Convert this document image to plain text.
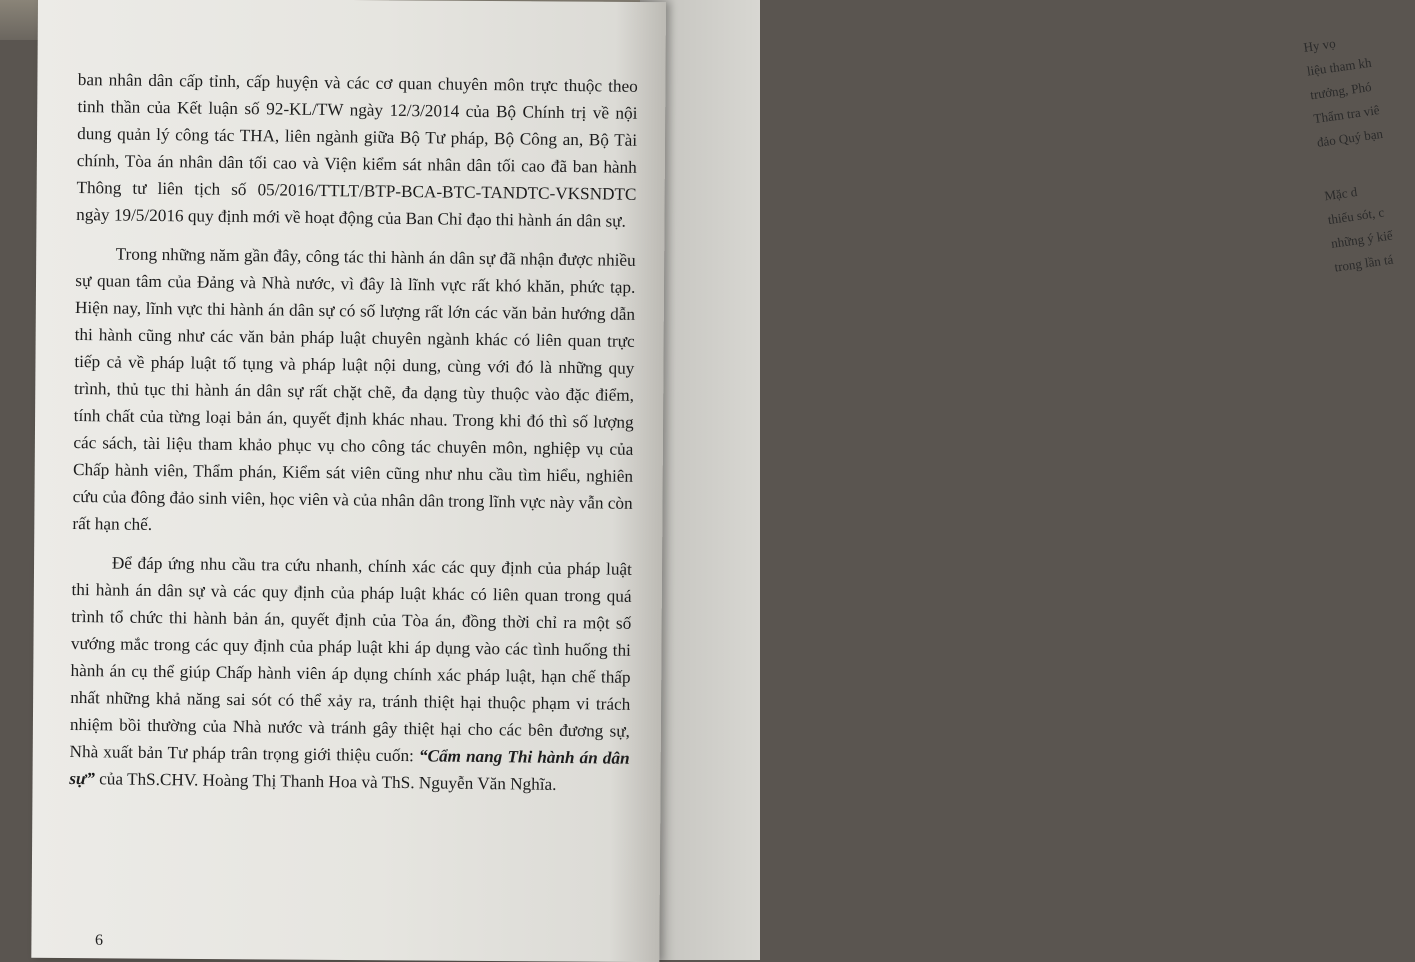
Hy vọ
liệu tham kh
trưởng, Phó
Thẩm tra viê
đảo Quý bạn
Mặc d
thiếu sót, c
những ý kiế
trong lần tá

ban nhân dân cấp tỉnh, cấp huyện và các cơ quan chuyên môn trực thuộc theo tinh thần của Kết luận số 92-KL/TW ngày 12/3/2014 của Bộ Chính trị về nội dung quản lý công tác THA, liên ngành giữa Bộ Tư pháp, Bộ Công an, Bộ Tài chính, Tòa án nhân dân tối cao và Viện kiểm sát nhân dân tối cao đã ban hành Thông tư liên tịch số 05/2016/TTLT/BTP-BCA-BTC-TANDTC-VKSNDTC ngày 19/5/2016 quy định mới về hoạt động của Ban Chỉ đạo thi hành án dân sự.

Trong những năm gần đây, công tác thi hành án dân sự đã nhận được nhiều sự quan tâm của Đảng và Nhà nước, vì đây là lĩnh vực rất khó khăn, phức tạp. Hiện nay, lĩnh vực thi hành án dân sự có số lượng rất lớn các văn bản hướng dẫn thi hành cũng như các văn bản pháp luật chuyên ngành khác có liên quan trực tiếp cả về pháp luật tố tụng và pháp luật nội dung, cùng với đó là những quy trình, thủ tục thi hành án dân sự rất chặt chẽ, đa dạng tùy thuộc vào đặc điểm, tính chất của từng loại bản án, quyết định khác nhau. Trong khi đó thì số lượng các sách, tài liệu tham khảo phục vụ cho công tác chuyên môn, nghiệp vụ của Chấp hành viên, Thẩm phán, Kiểm sát viên cũng như nhu cầu tìm hiểu, nghiên cứu của đông đảo sinh viên, học viên và của nhân dân trong lĩnh vực này vẫn còn rất hạn chế.

Để đáp ứng nhu cầu tra cứu nhanh, chính xác các quy định của pháp luật thi hành án dân sự và các quy định của pháp luật khác có liên quan trong quá trình tổ chức thi hành bản án, quyết định của Tòa án, đồng thời chỉ ra một số vướng mắc trong các quy định của pháp luật khi áp dụng vào các tình huống thi hành án cụ thể giúp Chấp hành viên áp dụng chính xác pháp luật, hạn chế thấp nhất những khả năng sai sót có thể xảy ra, tránh thiệt hại thuộc phạm vi trách nhiệm bồi thường của Nhà nước và tránh gây thiệt hại cho các bên đương sự, Nhà xuất bản Tư pháp trân trọng giới thiệu cuốn: “Cẩm nang Thi hành án dân sự” của ThS.CHV. Hoàng Thị Thanh Hoa và ThS. Nguyễn Văn Nghĩa.

6
